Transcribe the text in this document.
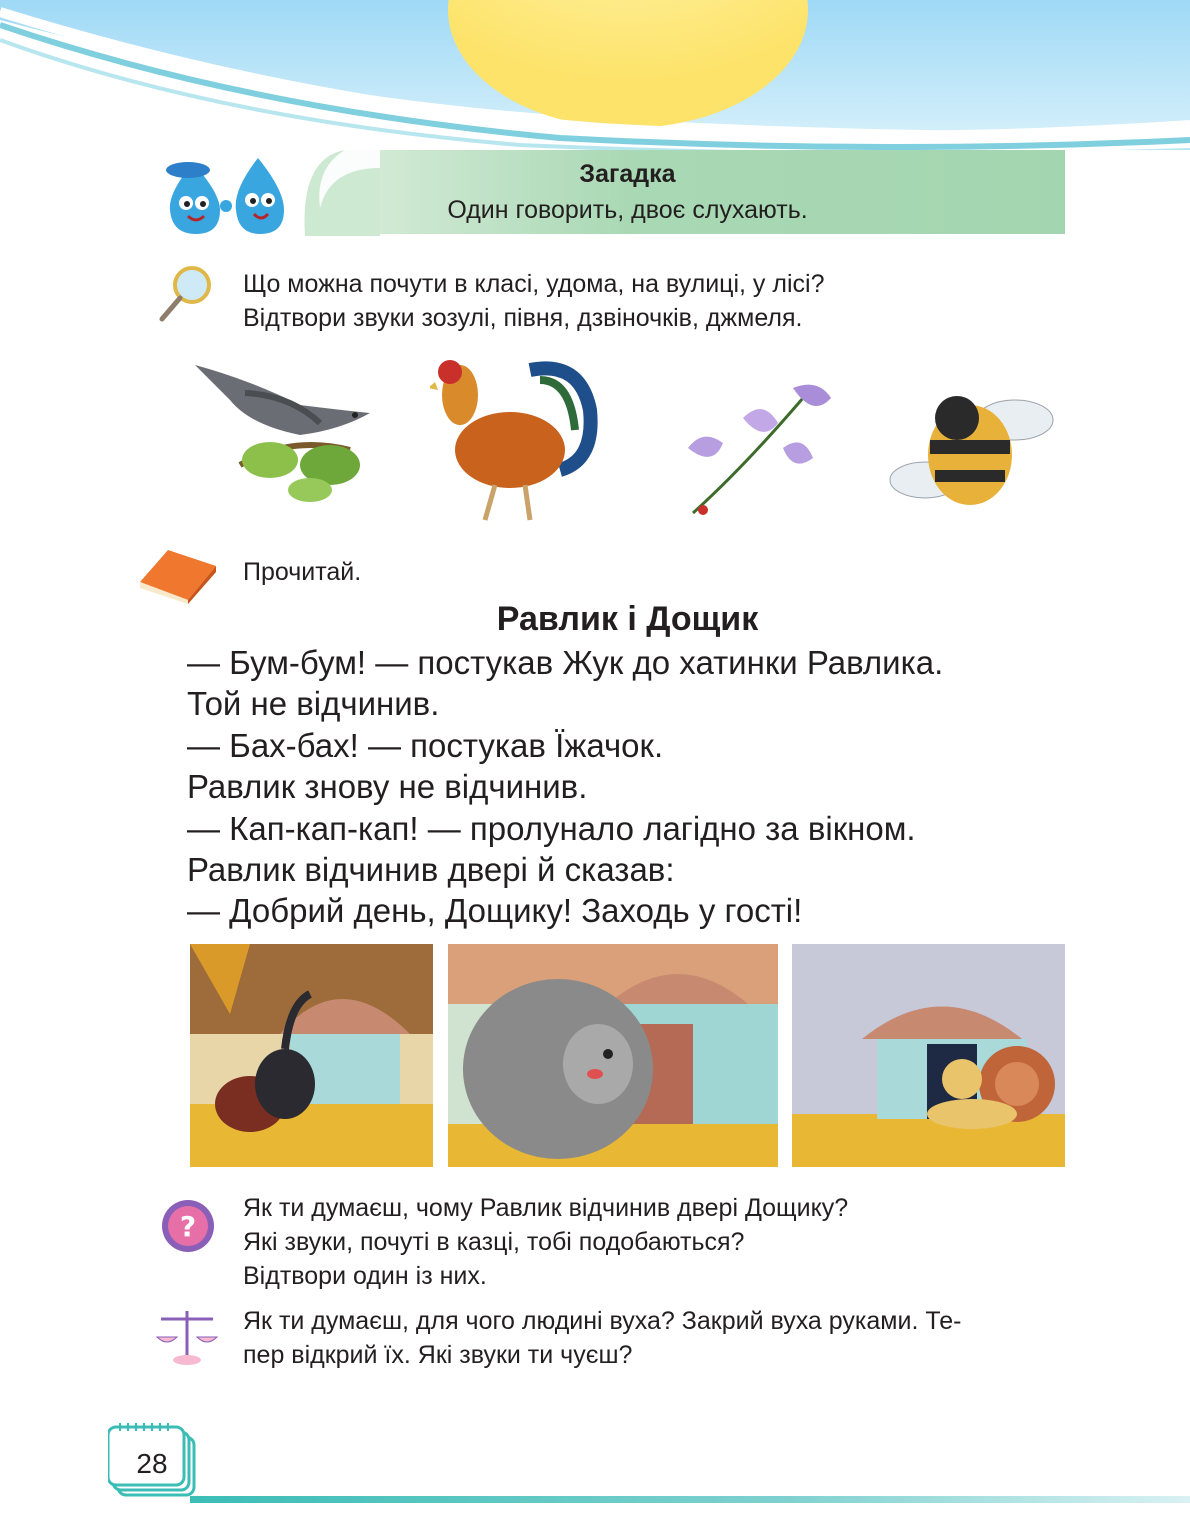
Загадка
Один говорить, двоє слухають.
Що можна почути в класі, удома, на вулиці, у лісі?
Відтвори звуки зозулі, півня, дзвіночків, джмеля.
Прочитай.
Равлик і Дощик
— Бум-бум! — постукав Жук до хатинки Равлика.
Той не відчинив.
— Бах-бах! — постукав Їжачок.
Равлик знову не відчинив.
— Кап-кап-кап! — пролунало лагідно за вікном.
Равлик відчинив двері й сказав:
— Добрий день, Дощику! Заходь у гості!
?
Як ти думаєш, чому Равлик відчинив двері Дощику?
Які звуки, почуті в казці, тобі подобаються?
Відтвори один із них.
Як ти думаєш, для чого людині вуха? Закрий вуха руками. Те-
пер відкрий їх. Які звуки ти чуєш?
28
